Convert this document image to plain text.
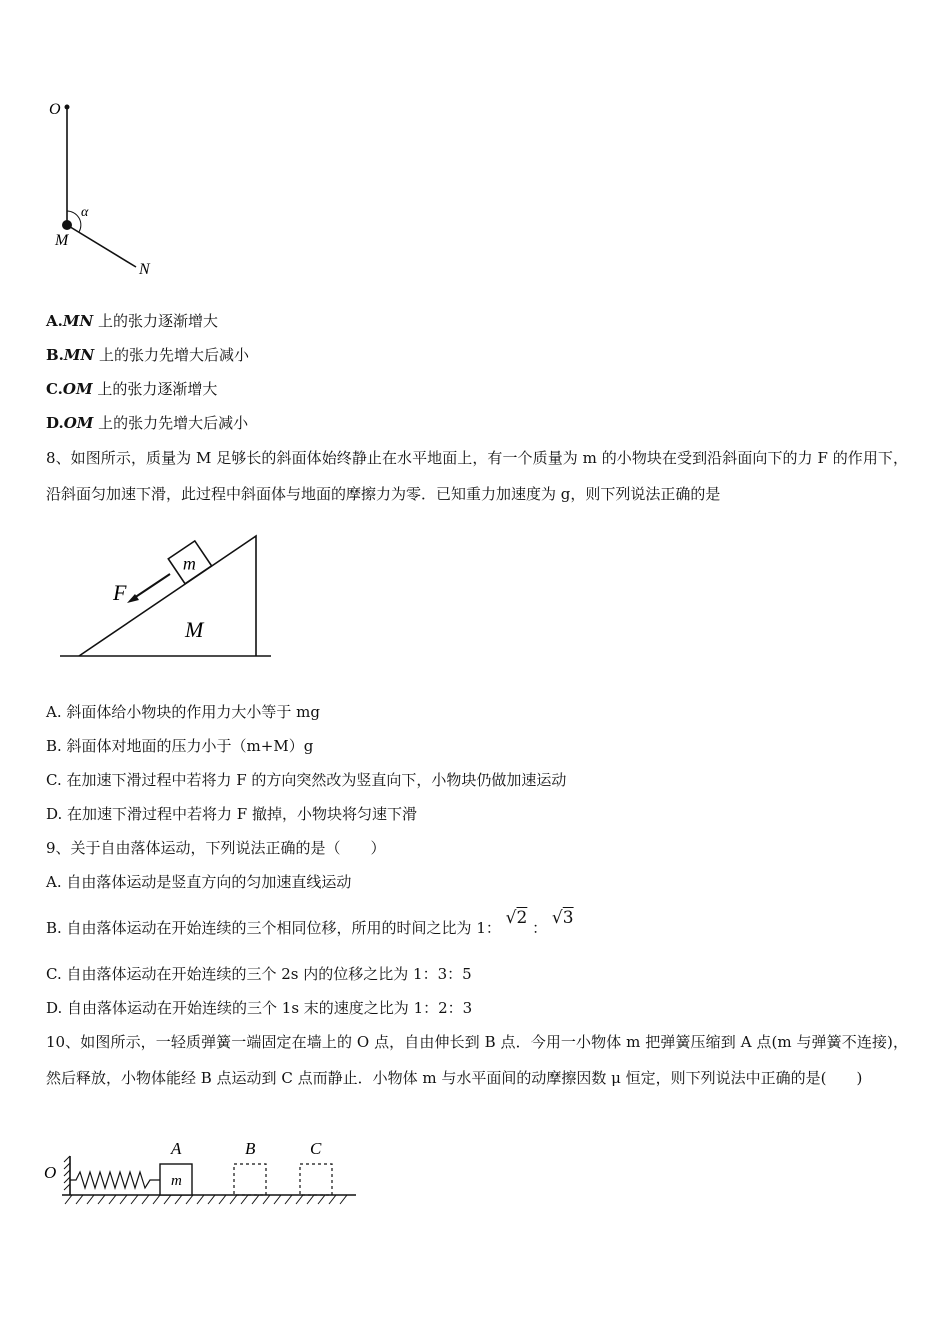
O
α
M
N
A.MN 上的张力逐渐增大
B.MN 上的张力先增大后减小
C.OM 上的张力逐渐增大
D.OM 上的张力先增大后减小
8、如图所示，质量为 M 足够长的斜面体始终静止在水平地面上，有一个质量为 m 的小物块在受到沿斜面向下的力 F 的作用下，沿斜面匀加速下滑，此过程中斜面体与地面的摩擦力为零．已知重力加速度为 g，则下列说法正确的是
m
F
M
A. 斜面体给小物块的作用力大小等于 mg
B. 斜面体对地面的压力小于（m+M）g
C. 在加速下滑过程中若将力 F 的方向突然改为竖直向下，小物块仍做加速运动
D. 在加速下滑过程中若将力 F 撤掉，小物块将匀速下滑
9、关于自由落体运动，下列说法正确的是（　　）
A. 自由落体运动是竖直方向的匀加速直线运动
B. 自由落体运动在开始连续的三个相同位移，所用的时间之比为 1： √2 ： √3
C. 自由落体运动在开始连续的三个 2s 内的位移之比为 1：3：5
D. 自由落体运动在开始连续的三个 1s 末的速度之比为 1：2：3
10、如图所示，一轻质弹簧一端固定在墙上的 O 点，自由伸长到 B 点．今用一小物体 m 把弹簧压缩到 A 点(m 与弹簧不连接)，然后释放，小物体能经 B 点运动到 C 点而静止．小物体 m 与水平面间的动摩擦因数 μ 恒定，则下列说法中正确的是(　　)
O	m
A	B	C
